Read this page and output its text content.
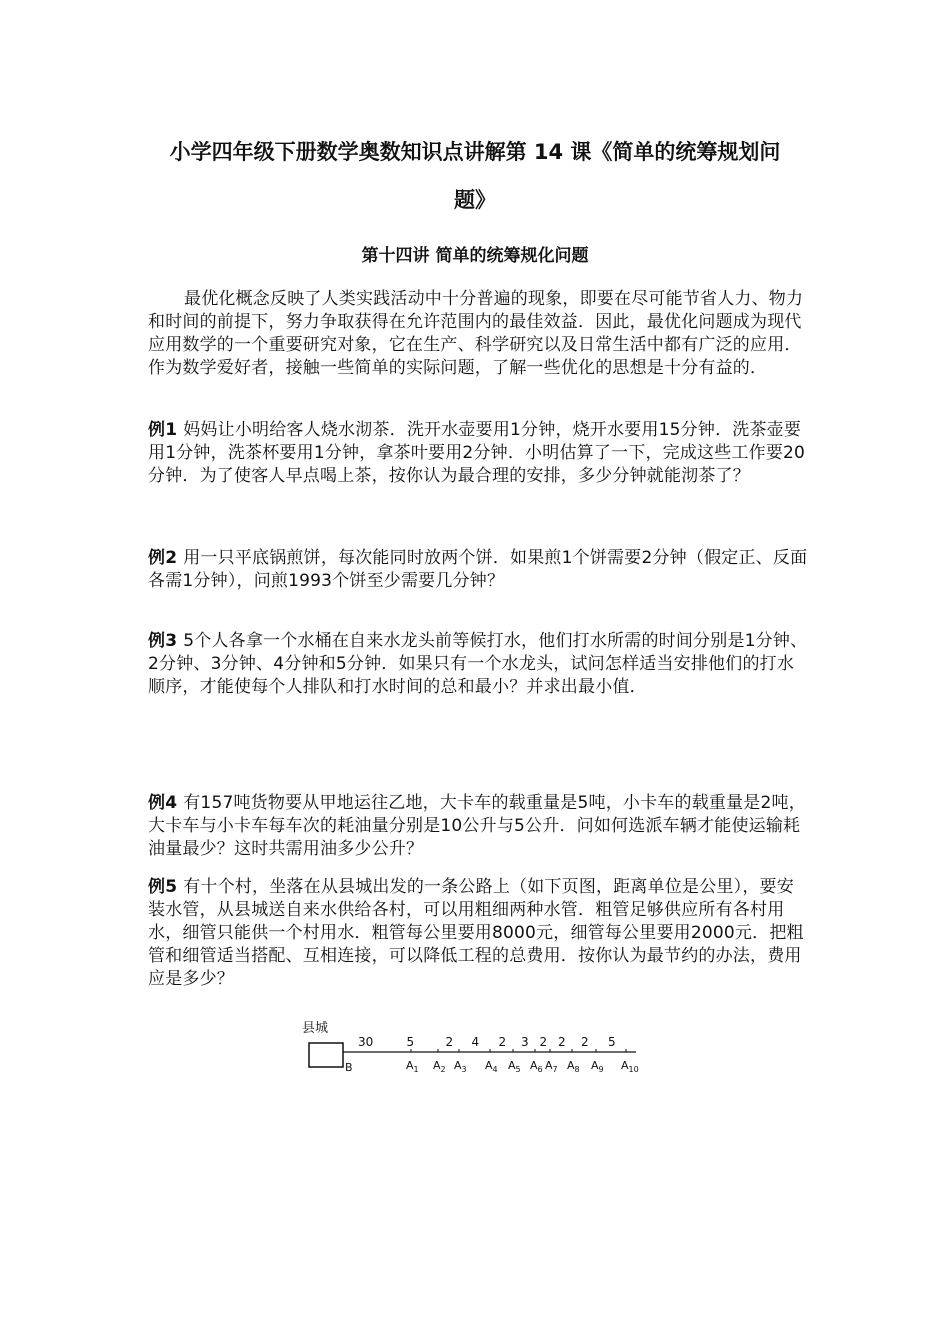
小学四年级下册数学奥数知识点讲解第 14 课《简单的统筹规划问
题》
第十四讲 简单的统筹规化问题

最优化概念反映了人类实践活动中十分普遍的现象，即要在尽可能节省人力、物力和时间的前提下，努力争取获得在允许范围内的最佳效益．因此，最优化问题成为现代应用数学的一个重要研究对象，它在生产、科学研究以及日常生活中都有广泛的应用．作为数学爱好者，接触一些简单的实际问题，了解一些优化的思想是十分有益的．

例1 妈妈让小明给客人烧水沏茶．洗开水壶要用1分钟，烧开水要用15分钟．洗茶壶要用1分钟，洗茶杯要用1分钟，拿茶叶要用2分钟．小明估算了一下，完成这些工作要20分钟．为了使客人早点喝上茶，按你认为最合理的安排，多少分钟就能沏茶了？

例2 用一只平底锅煎饼，每次能同时放两个饼．如果煎1个饼需要2分钟（假定正、反面各需1分钟），问煎1993个饼至少需要几分钟？

例3 5个人各拿一个水桶在自来水龙头前等候打水，他们打水所需的时间分别是1分钟、2分钟、3分钟、4分钟和5分钟．如果只有一个水龙头，试问怎样适当安排他们的打水顺序，才能使每个人排队和打水时间的总和最小？并求出最小值．

例4 有157吨货物要从甲地运往乙地，大卡车的载重量是5吨，小卡车的载重量是2吨，大卡车与小卡车每车次的耗油量分别是10公升与5公升．问如何选派车辆才能使运输耗油量最少？这时共需用油多少公升？

例5 有十个村，坐落在从县城出发的一条公路上（如下页图，距离单位是公里），要安装水管，从县城送自来水供给各村，可以用粗细两种水管．粗管足够供应所有各村用水，细管只能供一个村用水．粗管每公里要用8000元，细管每公里要用2000元．把粗管和细管适当搭配、互相连接，可以降低工程的总费用．按你认为最节约的办法，费用应是多少？

县城
B
30
$A_1$ $A_2$ $A_3$ $A_4$ $A_5$ $A_6$ $A_7$ $A_8$ $A_9$ $A_{10}$
5	2 4 2 3 2 2 2 5
